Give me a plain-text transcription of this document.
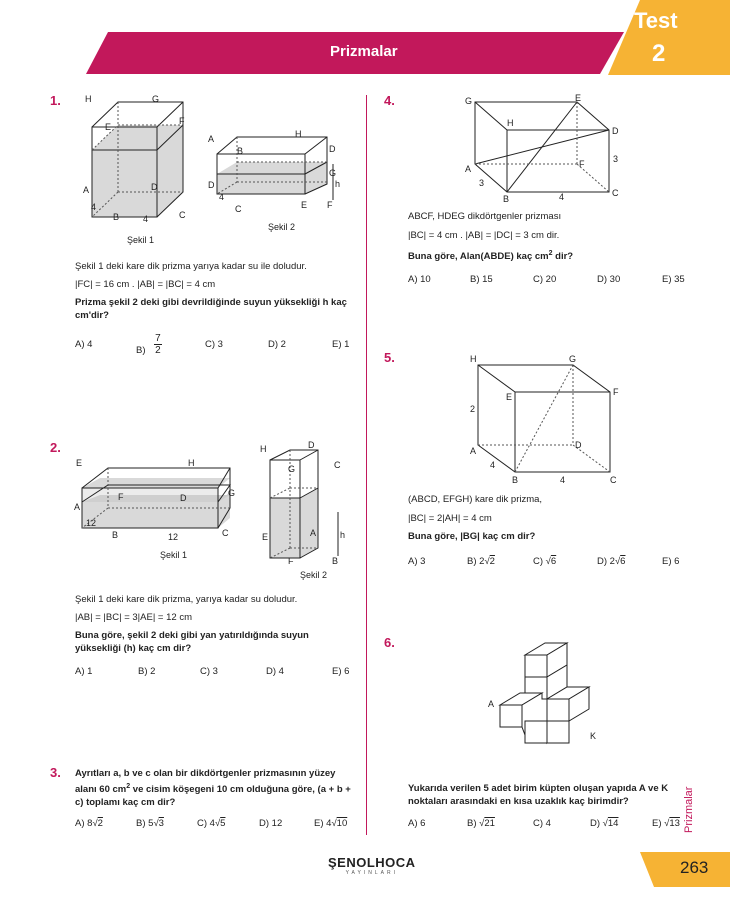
Prizmalar
Test
2
1.	H	G
E
F
A	D
B	C
4
4
A	H
B	D
G
h
D
4
C	E F
Şekil 1
Şekil 2
Şekil 1 deki kare dik prizma yarıya kadar su ile doludur.
|FC| = 16 cm . |AB| = |BC| = 4 cm
Prizma şekil 2 deki gibi devrildiğinde suyun yüksekliği h kaç cm'dir?
A) 4
$B) \frac{7}{2}$	C) 3	D) 2	E) 1
2.
E	H
F	D	G
A
12
B	12	C
H	D
G	C
A	h
E
F	B
Şekil 1
Şekil 2
Şekil 1 deki kare dik prizma, yarıya kadar su doludur.
|AB| = |BC| = 3|AE| = 12 cm
Buna göre, şekil 2 deki gibi yan yatırıldığında suyun yüksekliği (h) kaç cm dir?
A) 1	B) 2	C) 3	D) 4	E) 6
3. Ayrıtları a, b ve c olan bir dikdörtgenler prizmasının yüzey alanı 60 $cm^2$ ve cisim köşegeni 10 cm olduğuna göre, (a + b + c) toplamı kaç cm dir?
A) 8√2	B) 5√3	C) 4√5	D) 12	E) 4√10
4.	G	E
H
D
A	F	3
3
B	4	C
ABCF, HDEG dikdörtgenler prizması
|BC| = 4 cm . |AB| = |DC| = 3 cm dir.
Buna göre, Alan(ABDE) kaç $cm^2$ dir?
A) 10	B) 15	C) 20	D) 30	E) 35
5.	H	G
E	F
2
D
A
4
B	4	C
(ABCD, EFGH) kare dik prizma,
|BC| = 2|AH| = 4 cm
Buna göre, |BG| kaç cm dir?
A) 3	B) 2√2	C) √6	D) 2√6	E) 6
6.
A
K
Yukarıda verilen 5 adet birim küpten oluşan yapıda A ve K noktaları arasındaki en kısa uzaklık kaç birimdir?
A) 6	B) √21	C) 4	D) √14	E) √13 Prizmalar
ŞENOLHOCA
YAYINLARI	263
